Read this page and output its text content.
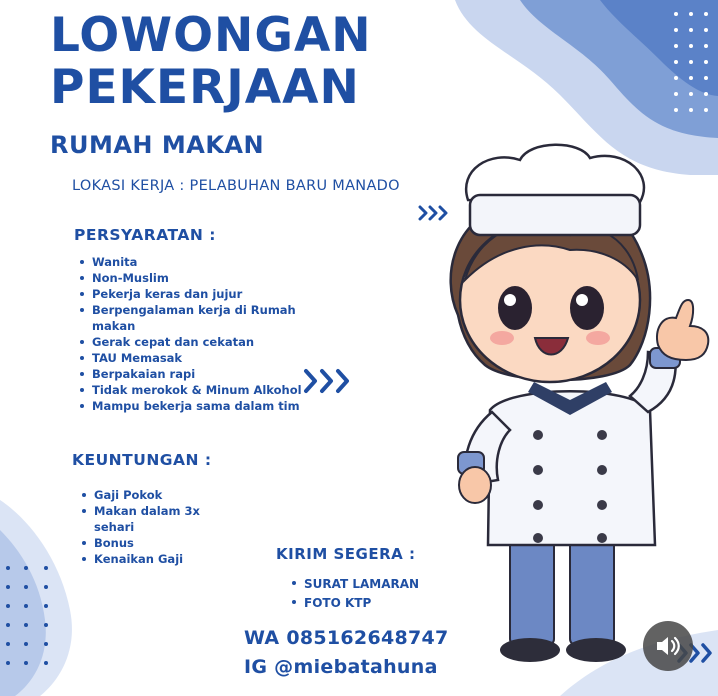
LOWONGAN
PEKERJAAN
RUMAH MAKAN
LOKASI KERJA : PELABUHAN BARU MANADO
PERSYARATAN :
Wanita
Non-Muslim
Pekerja keras dan jujur
Berpengalaman kerja di Rumah makan
Gerak cepat dan cekatan
TAU Memasak
Berpakaian rapi
Tidak merokok & Minum Alkohol
Mampu bekerja sama dalam tim
KEUNTUNGAN :
Gaji Pokok
Makan dalam 3x sehari
Bonus
Kenaikan Gaji	KIRIM SEGERA :
SURAT LAMARAN
FOTO KTP
WA 085162648747
IG @miebatahuna
